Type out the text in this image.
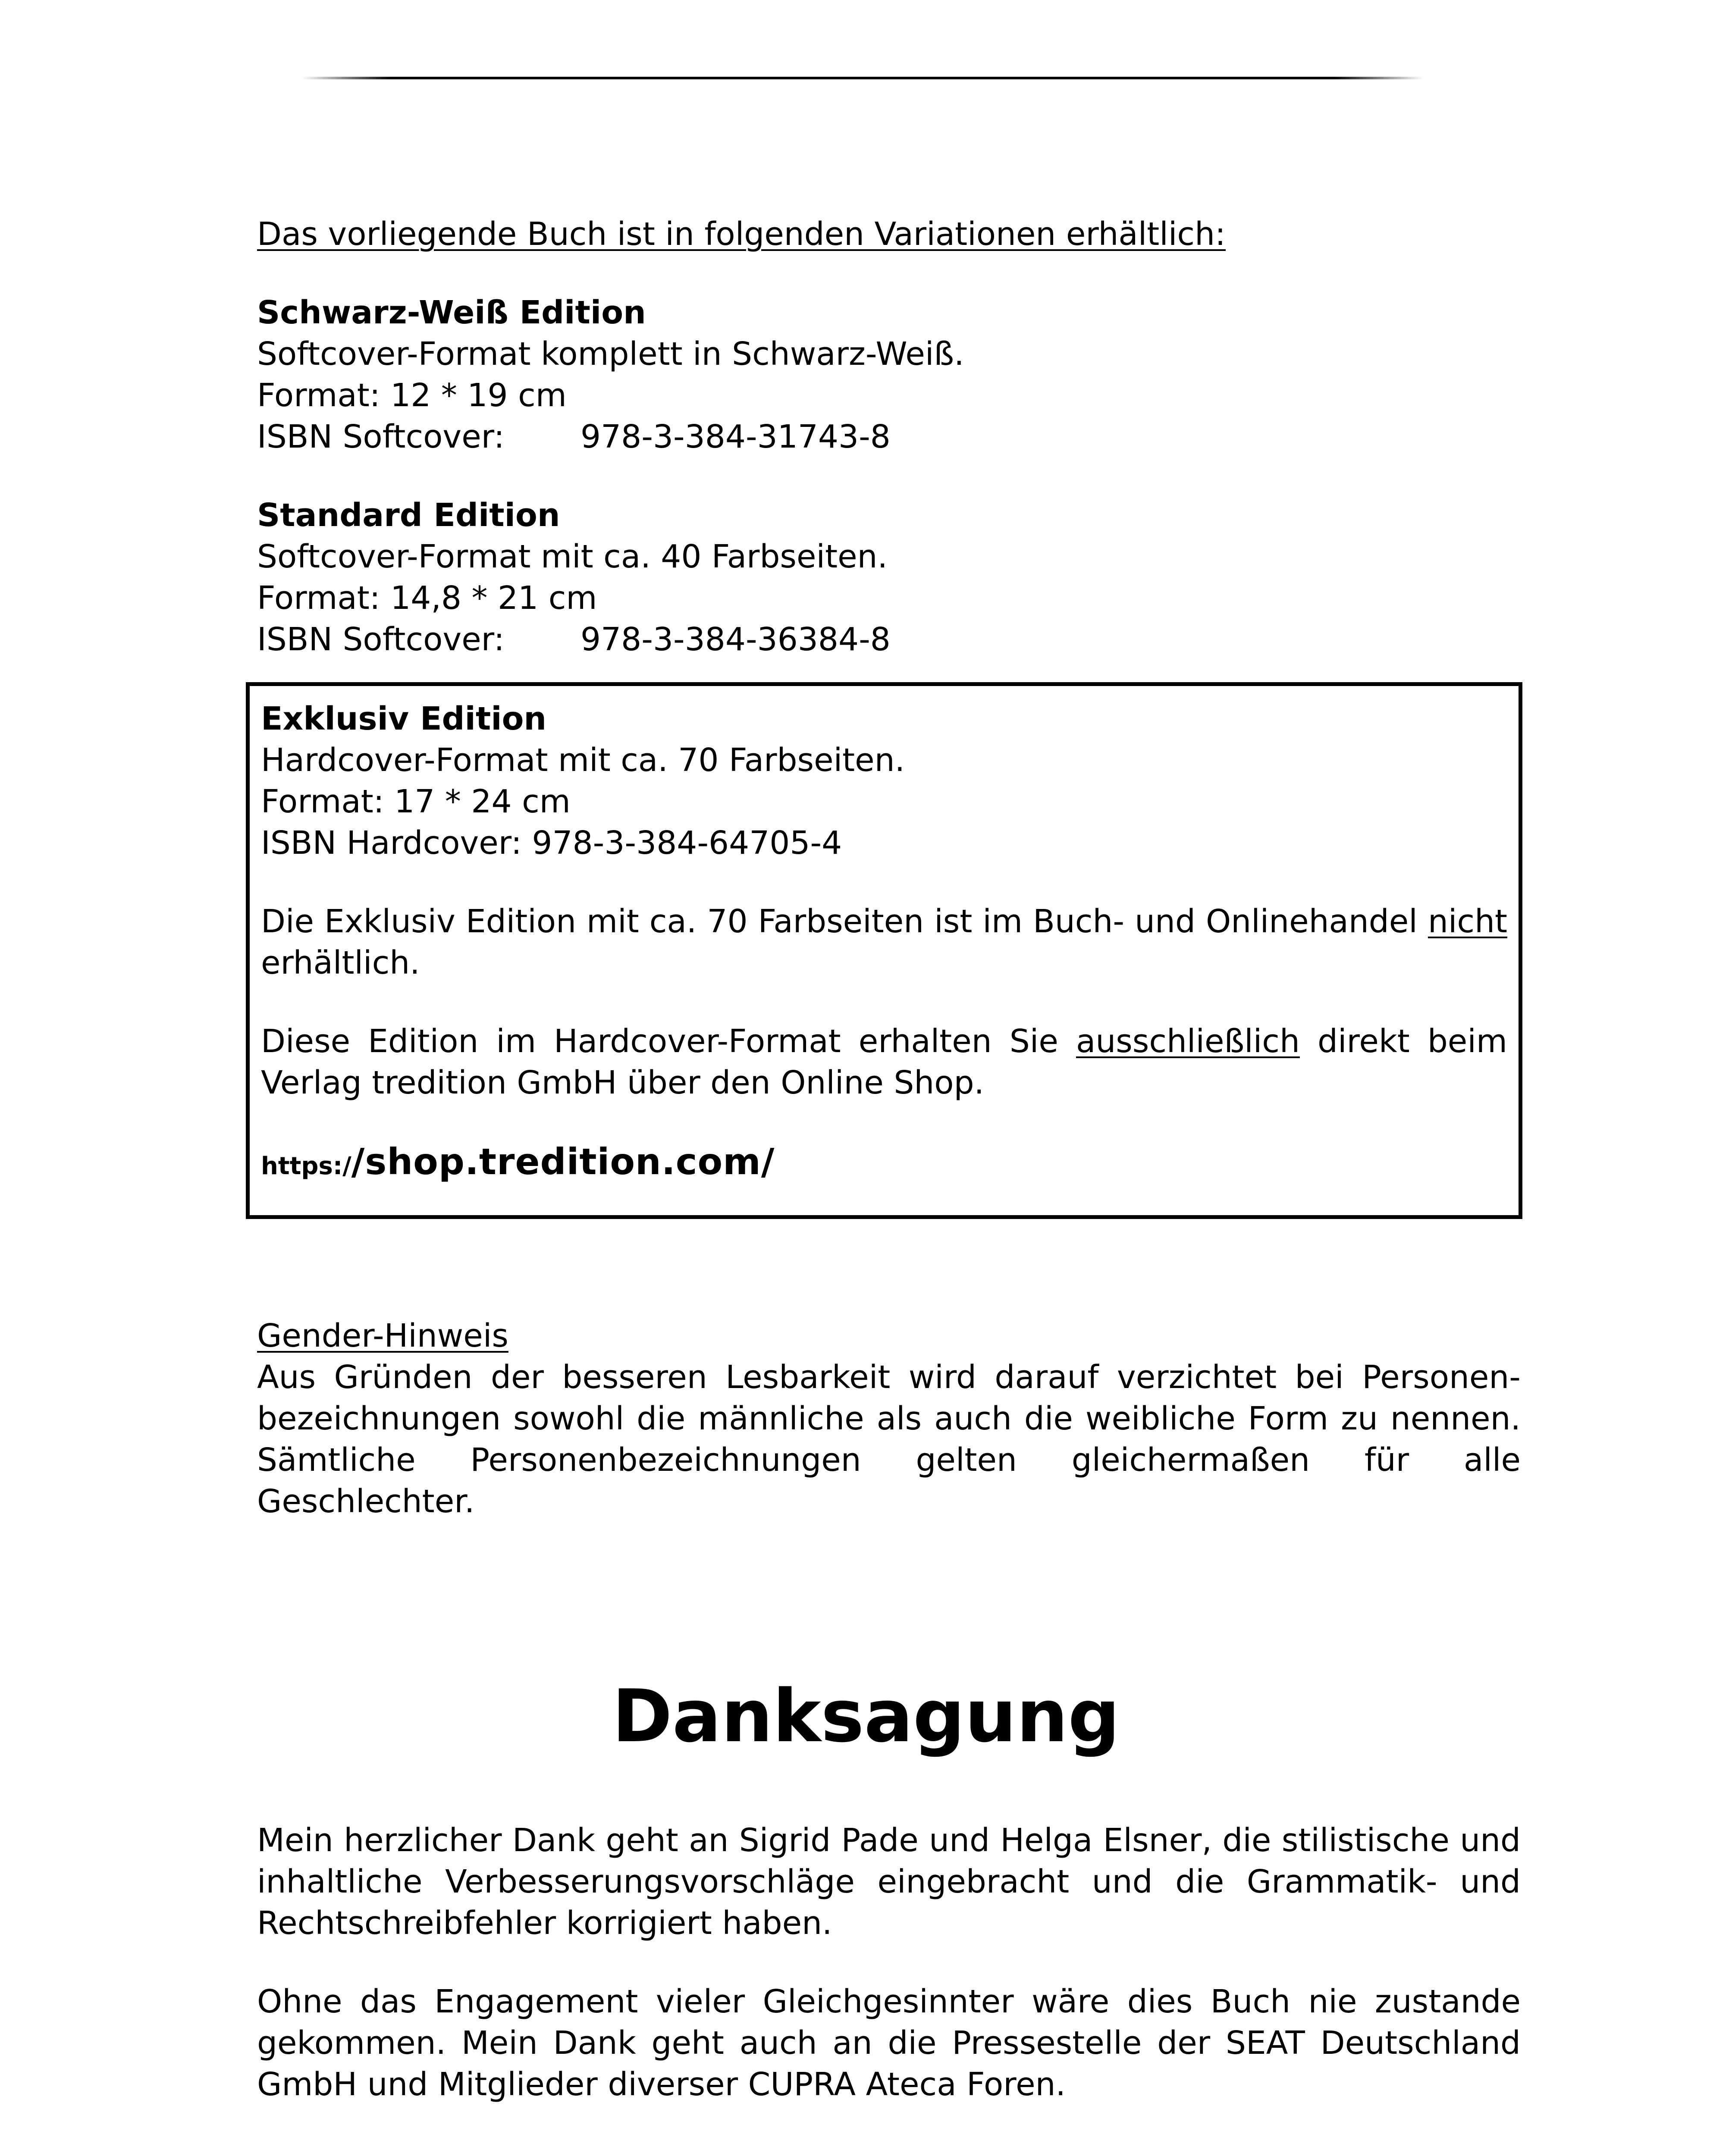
Das vorliegende Buch ist in folgenden Variationen erhältlich:
Schwarz-Weiß Edition
Softcover-Format komplett in Schwarz-Weiß.
Format: 12 * 19 cm
ISBN Softcover: 978-3-384-31743-8
Standard Edition
Softcover-Format mit ca. 40 Farbseiten.
Format: 14,8 * 21 cm
ISBN Softcover: 978-3-384-36384-8
Exklusiv Edition
Hardcover-Format mit ca. 70 Farbseiten.
Format: 17 * 24 cm
ISBN Hardcover: 978-3-384-64705-4
Die Exklusiv Edition mit ca. 70 Farbseiten ist im Buch- und Onlinehandel nicht erhältlich.
Diese Edition im Hardcover-Format erhalten Sie ausschließlich direkt beim Verlag tredition GmbH über den Online Shop.
https:/ /shop.tredition.com/
Gender-Hinweis
Aus Gründen der besseren Lesbarkeit wird darauf verzichtet bei Personen-bezeichnungen sowohl die männliche als auch die weibliche Form zu nennen. Sämtliche Personenbezeichnungen gelten gleichermaßen für alle Geschlechter.
Danksagung
Mein herzlicher Dank geht an Sigrid Pade und Helga Elsner, die stilistische und inhaltliche Verbesserungsvorschläge eingebracht und die Grammatik- und Rechtschreibfehler korrigiert haben.
Ohne das Engagement vieler Gleichgesinnter wäre dies Buch nie zustande gekommen. Mein Dank geht auch an die Pressestelle der SEAT Deutschland GmbH und Mitglieder diverser CUPRA Ateca Foren.
